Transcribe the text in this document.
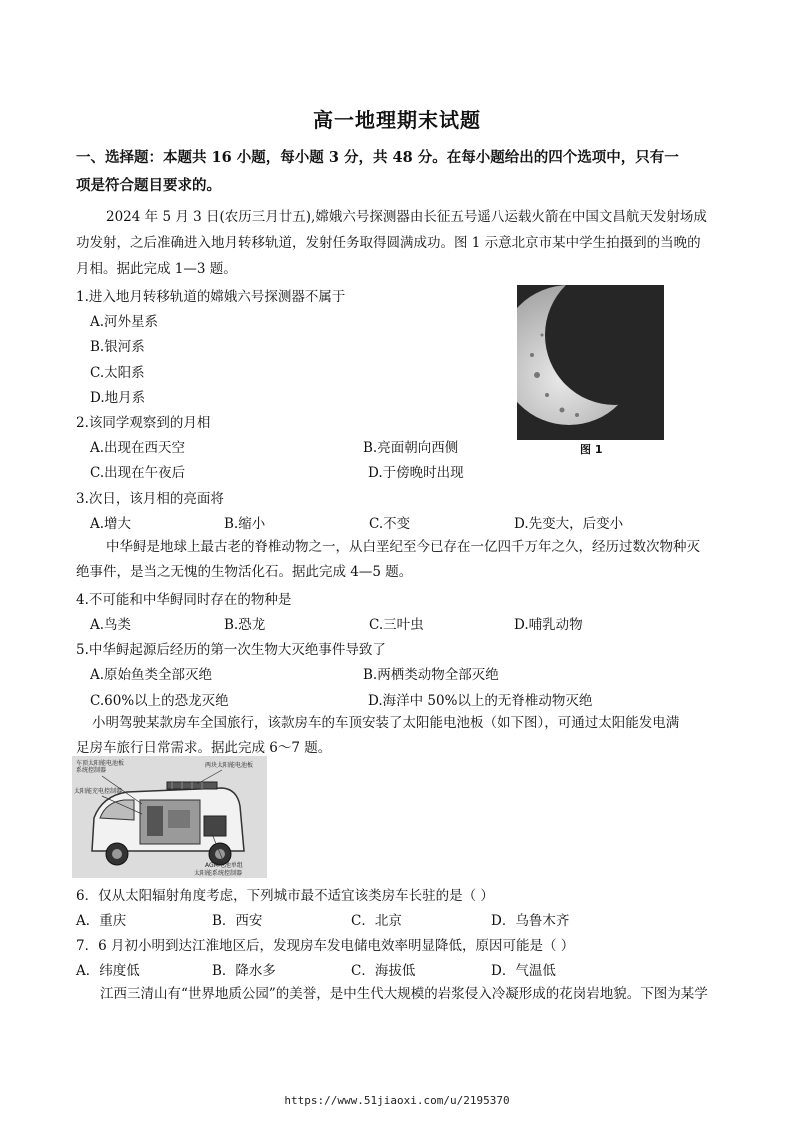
高一地理期末试题
一、选择题：本题共 16 小题，每小题 3 分，共 48 分。在每小题给出的四个选项中，只有一
项是符合题目要求的。
2024 年 5 月 3 日(农历三月廿五),嫦娥六号探测器由长征五号遥八运载火箭在中国文昌航天发射场成
功发射，之后准确进入地月转移轨道，发射任务取得圆满成功。图 1 示意北京市某中学生拍摄到的当晚的
月相。据此完成 1—3 题。
图 1
1.进入地月转移轨道的嫦娥六号探测器不属于
A.河外星系
B.银河系
C.太阳系
D.地月系
2.该同学观察到的月相
A.出现在西天空	B.亮面朝向西侧
C.出现在午夜后	D.于傍晚时出现
3.次日，该月相的亮面将
A.增大	B.缩小	C.不变	D.先变大，后变小
中华鲟是地球上最古老的脊椎动物之一，从白垩纪至今已存在一亿四千万年之久，经历过数次物种灭
绝事件，是当之无愧的生物活化石。据此完成 4—5 题。
4.不可能和中华鲟同时存在的物种是
A.鸟类	B.恐龙	C.三叶虫	D.哺乳动物
5.中华鲟起源后经历的第一次生物大灭绝事件导致了
A.原始鱼类全部灭绝	B.两栖类动物全部灭绝
C.60%以上的恐龙灭绝	D.海洋中 50%以上的无脊椎动物灭绝
小明驾驶某款房车全国旅行，该款房车的车顶安装了太阳能电池板（如下图），可通过太阳能发电满
足房车旅行日常需求。据此完成 6～7 题。
车顶太阳能电池板
系统控制器
太阳能充电控制器
两块太阳能电池板
AGM电池单组
太阳能系统控制器
6．仅从太阳辐射角度考虑，下列城市最不适宜该类房车长驻的是（ ）
A．重庆	B．西安	C．北京	D．乌鲁木齐
7．6 月初小明到达江淮地区后，发现房车发电储电效率明显降低，原因可能是（ ）
A．纬度低	B．降水多	C．海拔低	D．气温低
江西三清山有“世界地质公园”的美誉，是中生代大规模的岩浆侵入冷凝形成的花岗岩地貌。下图为某学
https://www.51jiaoxi.com/u/2195370
